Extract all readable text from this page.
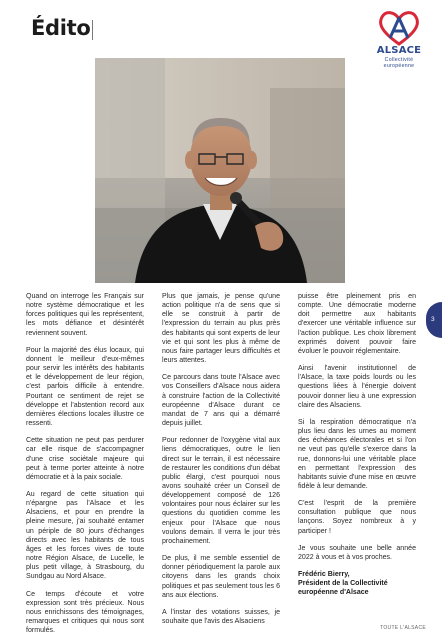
Édito
ALSACE
Collectivité
européenne

Quand on interroge les Français sur notre système démocratique et les forces politiques qui les représentent, les mots défiance et désintérêt reviennent souvent.

Pour la majorité des élus locaux, qui donnent le meilleur d'eux-mêmes pour servir les intérêts des habitants et le développement de leur région, c'est parfois difficile à entendre. Pourtant ce sentiment de rejet se développe et l'abstention record aux dernières élections locales illustre ce ressenti.

Cette situation ne peut pas perdurer car elle risque de s'accompagner d'une crise sociétale majeure qui peut à terme porter atteinte à notre démocratie et à la paix sociale.

Au regard de cette situation qui n'épargne pas l'Alsace et les Alsaciens, et pour en prendre la pleine mesure, j'ai souhaité entamer un périple de 80 jours d'échanges directs avec les habitants de tous âges et les forces vives de toute notre Région Alsace, de Lucelle, le plus petit village, à Strasbourg, du Sundgau au Nord Alsace.

Ce temps d'écoute et votre expression sont très précieux. Nous nous enrichissons des témoignages, remarques et critiques qui nous sont formulés.

Plus que jamais, je pense qu'une action politique n'a de sens que si elle se construit à partir de l'expression du terrain au plus près des habitants qui sont experts de leur vie et qui sont les plus à même de nous faire partager leurs difficultés et leurs attentes.

Ce parcours dans toute l'Alsace avec vos Conseillers d'Alsace nous aidera à construire l'action de la Collectivité européenne d'Alsace durant ce mandat de 7 ans qui a démarré depuis juillet.

Pour redonner de l'oxygène vital aux liens démocratiques, outre le lien direct sur le terrain, il est nécessaire de restaurer les conditions d'un débat public élargi, c'est pourquoi nous avons souhaité créer un Conseil de développement composé de 126 volontaires pour nous éclairer sur les questions du quotidien comme les enjeux pour l'Alsace que nous voulons demain. Il verra le jour très prochainement.

De plus, il me semble essentiel de donner périodiquement la parole aux citoyens dans les grands choix politiques et pas seulement tous les 6 ans aux élections.

A l'instar des votations suisses, je souhaite que l'avis des Alsaciens

puisse être pleinement pris en compte. Une démocratie moderne doit permettre aux habitants d'exercer une véritable influence sur l'action publique. Les choix librement exprimés doivent pouvoir faire évoluer le pouvoir réglementaire.

Ainsi l'avenir institutionnel de l'Alsace, la taxe poids lourds ou les questions liées à l'énergie doivent pouvoir donner lieu à une expression claire des Alsaciens.

Si la respiration démocratique n'a plus lieu dans les urnes au moment des échéances électorales et si l'on ne veut pas qu'elle s'exerce dans la rue, donnons-lui une véritable place en permettant l'expression des habitants suivie d'une mise en œuvre fidèle à leur demande.

C'est l'esprit de la première consultation publique que nous lançons. Soyez nombreux à y participer !

Je vous souhaite une belle année 2022 à vous et à vos proches.

Frédéric Bierry,
Président de la Collectivité
européenne d'Alsace

3
TOUTE L'ALSACE
